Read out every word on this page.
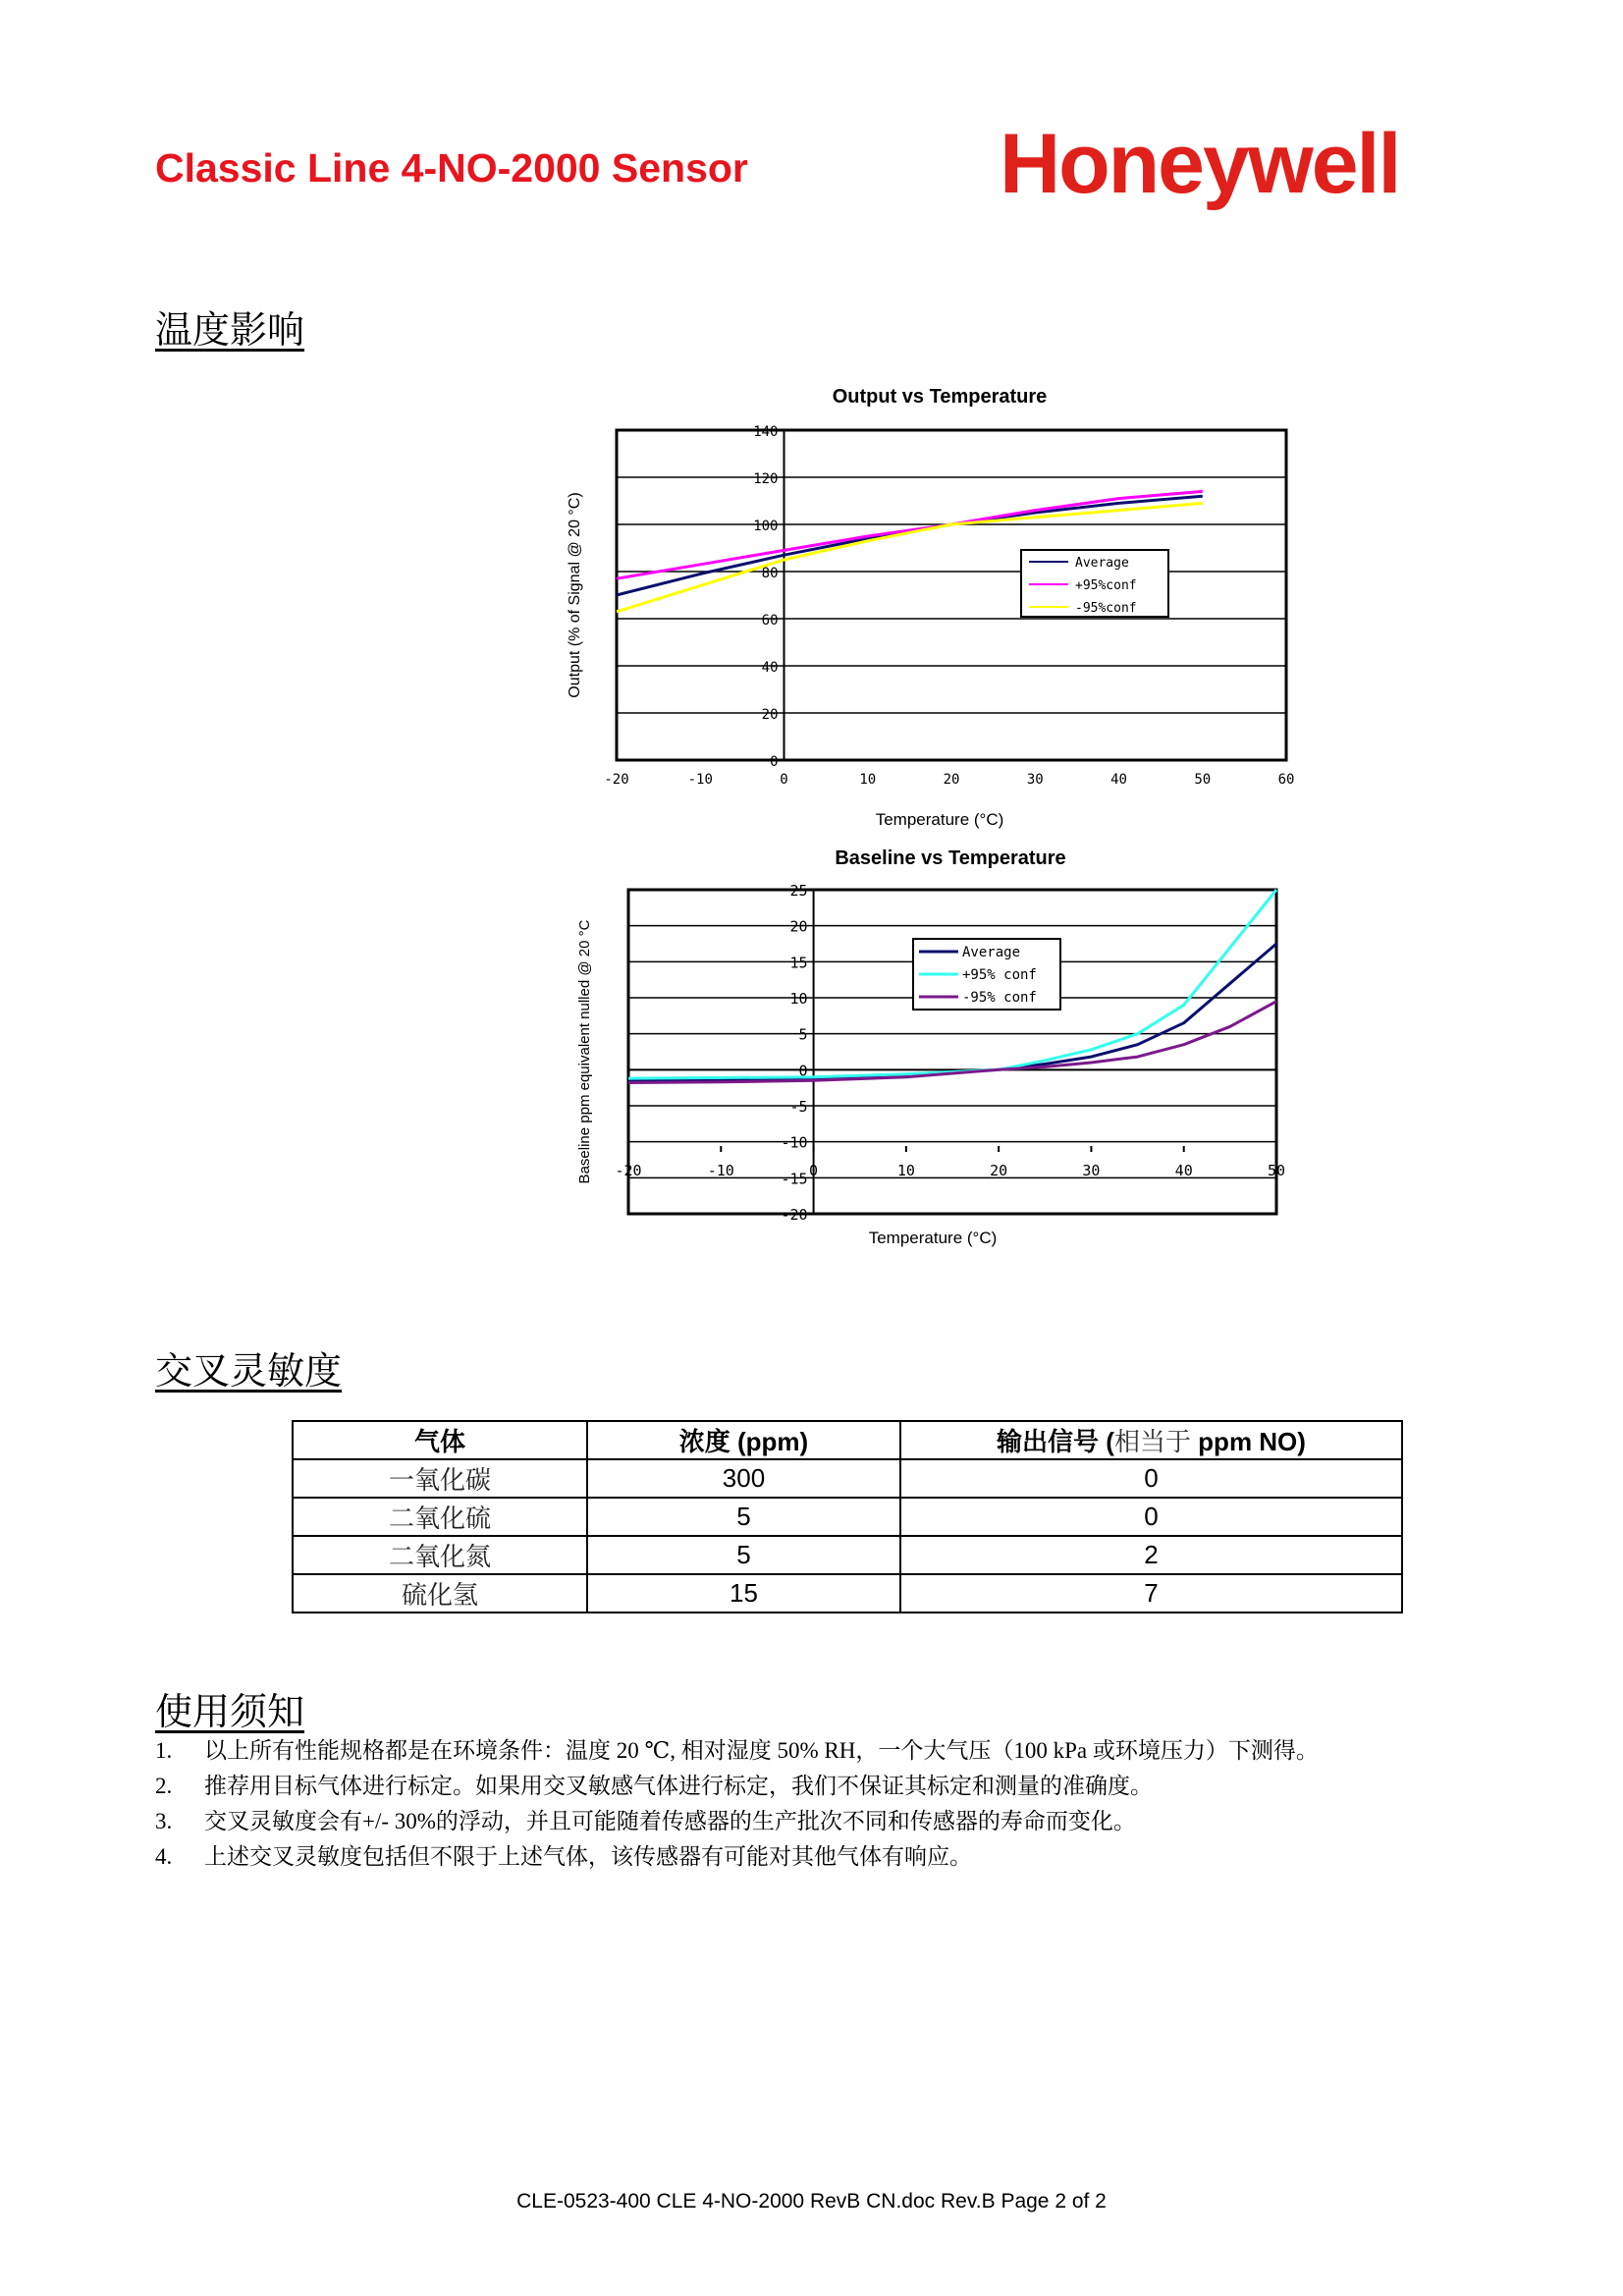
Classic Line 4-NO-2000 Sensor	Honeywell
温度影响
Output vs Temperature
0
20
40
60
80
100
120
140
-20	-10	0	10	20	30	40	50	60
Average
+95%conf
-95%conf
Temperature (°C)
Output (% of Signal @ 20 °C)
Baseline vs Temperature
-20
-15
-10
-5
0
5
10
15
20
25
-20	-10	0	10	20	30	40	50
Average
+95% conf
-95% conf
Temperature (°C)
Baseline ppm equivalent nulled @ 20 °C
交叉灵敏度
气体	浓度 (ppm)	输出信号 (相当于 ppm NO)
一氧化碳	300	0
二氧化硫	5	0
二氧化氮	5	2
硫化氢	15	7
使用须知
1. 以上所有性能规格都是在环境条件：温度 20 ℃, 相对湿度 50% RH，一个大气压（100 kPa 或环境压力）下测得。
2. 推荐用目标气体进行标定。如果用交叉敏感气体进行标定，我们不保证其标定和测量的准确度。
3. 交叉灵敏度会有+/- 30%的浮动，并且可能随着传感器的生产批次不同和传感器的寿命而变化。
4. 上述交叉灵敏度包括但不限于上述气体，该传感器有可能对其他气体有响应。
CLE-0523-400 CLE 4-NO-2000 RevB CN.doc Rev.B Page 2 of 2
